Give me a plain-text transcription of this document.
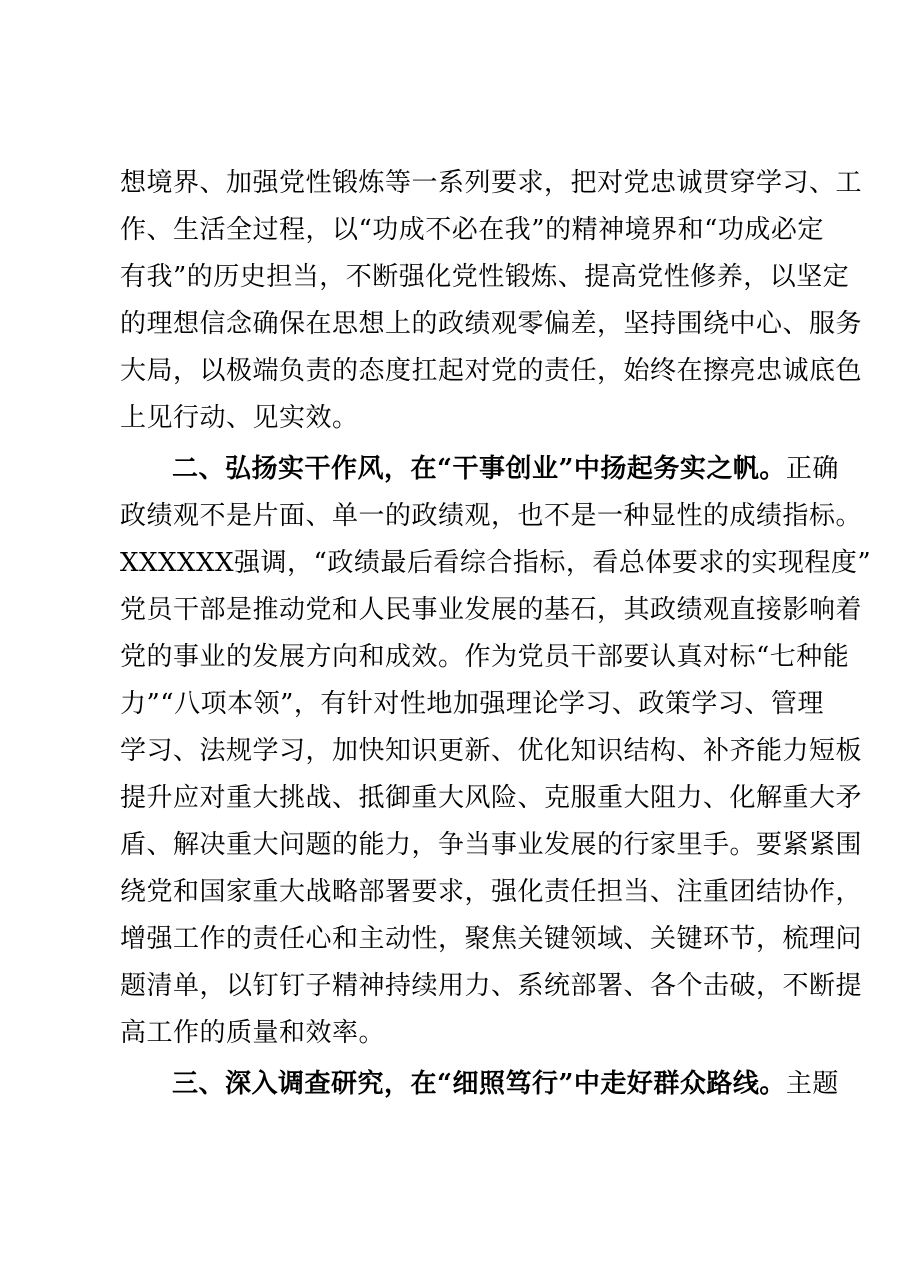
想境界、加强党性锻炼等一系列要求，把对党忠诚贯穿学习、工
作、生活全过程，以“功成不必在我”的精神境界和“功成必定
有我”的历史担当，不断强化党性锻炼、提高党性修养，以坚定
的理想信念确保在思想上的政绩观零偏差，坚持围绕中心、服务
大局，以极端负责的态度扛起对党的责任，始终在擦亮忠诚底色
上见行动、见实效。
二、弘扬实干作风，在“干事创业”中扬起务实之帆。正确
政绩观不是片面、单一的政绩观，也不是一种显性的成绩指标。
XXXXXX强调，“政绩最后看综合指标，看总体要求的实现程度”
党员干部是推动党和人民事业发展的基石，其政绩观直接影响着
党的事业的发展方向和成效。作为党员干部要认真对标“七种能
力”“八项本领”，有针对性地加强理论学习、政策学习、管理
学习、法规学习，加快知识更新、优化知识结构、补齐能力短板
提升应对重大挑战、抵御重大风险、克服重大阻力、化解重大矛
盾、解决重大问题的能力，争当事业发展的行家里手。要紧紧围
绕党和国家重大战略部署要求，强化责任担当、注重团结协作，
增强工作的责任心和主动性，聚焦关键领域、关键环节，梳理问
题清单，以钉钉子精神持续用力、系统部署、各个击破，不断提
高工作的质量和效率。
三、深入调查研究，在“细照笃行”中走好群众路线。主题
